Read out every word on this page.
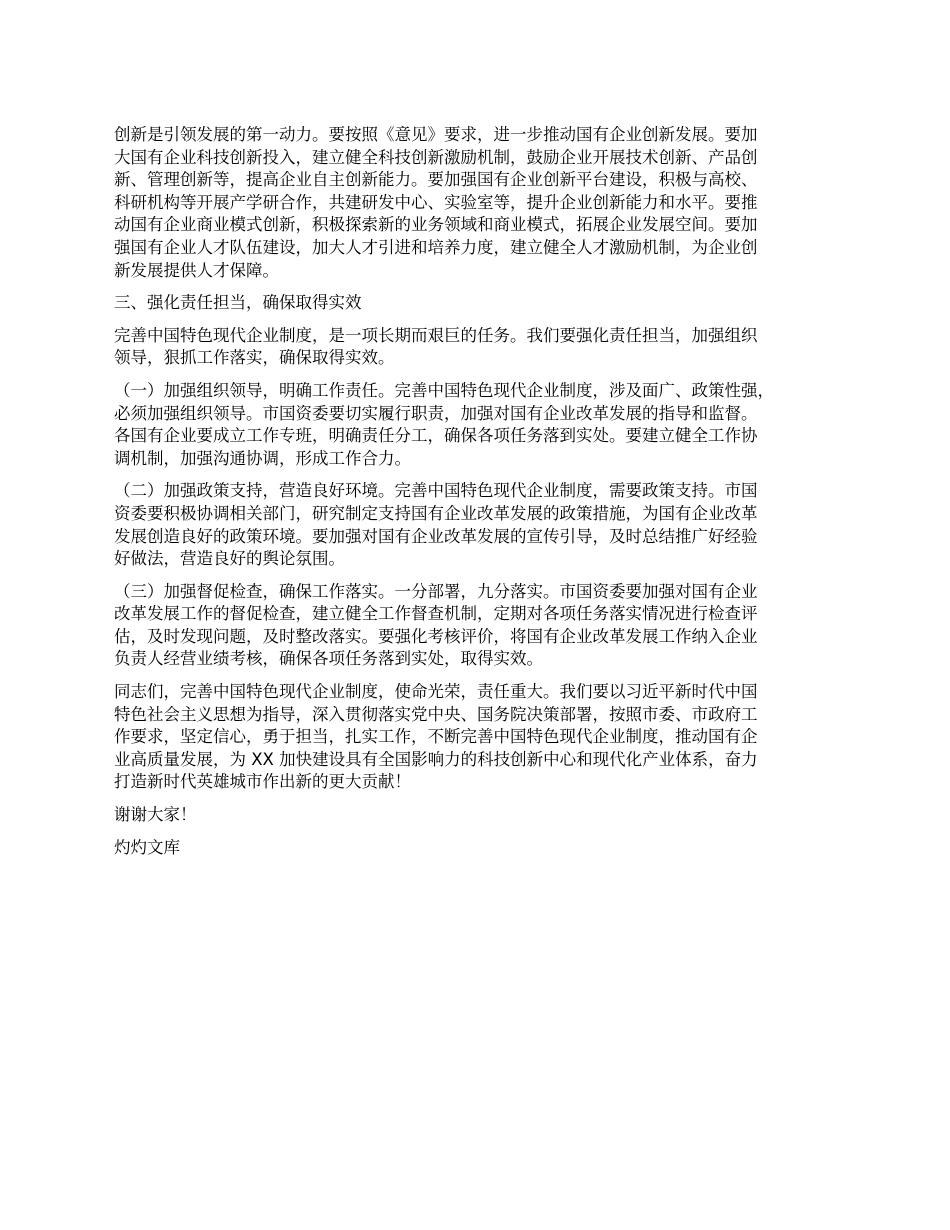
创新是引领发展的第一动力。要按照《意见》要求，进一步推动国有企业创新发展。要加
大国有企业科技创新投入，建立健全科技创新激励机制，鼓励企业开展技术创新、产品创
新、管理创新等，提高企业自主创新能力。要加强国有企业创新平台建设，积极与高校、
科研机构等开展产学研合作，共建研发中心、实验室等，提升企业创新能力和水平。要推
动国有企业商业模式创新，积极探索新的业务领域和商业模式，拓展企业发展空间。要加
强国有企业人才队伍建设，加大人才引进和培养力度，建立健全人才激励机制，为企业创
新发展提供人才保障。
三、强化责任担当，确保取得实效
完善中国特色现代企业制度，是一项长期而艰巨的任务。我们要强化责任担当，加强组织
领导，狠抓工作落实，确保取得实效。
（一）加强组织领导，明确工作责任。完善中国特色现代企业制度，涉及面广、政策性强，
必须加强组织领导。市国资委要切实履行职责，加强对国有企业改革发展的指导和监督。
各国有企业要成立工作专班，明确责任分工，确保各项任务落到实处。要建立健全工作协
调机制，加强沟通协调，形成工作合力。
（二）加强政策支持，营造良好环境。完善中国特色现代企业制度，需要政策支持。市国
资委要积极协调相关部门，研究制定支持国有企业改革发展的政策措施，为国有企业改革
发展创造良好的政策环境。要加强对国有企业改革发展的宣传引导，及时总结推广好经验
好做法，营造良好的舆论氛围。
（三）加强督促检查，确保工作落实。一分部署，九分落实。市国资委要加强对国有企业
改革发展工作的督促检查，建立健全工作督查机制，定期对各项任务落实情况进行检查评
估，及时发现问题，及时整改落实。要强化考核评价，将国有企业改革发展工作纳入企业
负责人经营业绩考核，确保各项任务落到实处，取得实效。
同志们，完善中国特色现代企业制度，使命光荣，责任重大。我们要以习近平新时代中国
特色社会主义思想为指导，深入贯彻落实党中央、国务院决策部署，按照市委、市政府工
作要求，坚定信心，勇于担当，扎实工作，不断完善中国特色现代企业制度，推动国有企
业高质量发展，为 XX 加快建设具有全国影响力的科技创新中心和现代化产业体系，奋力
打造新时代英雄城市作出新的更大贡献！
谢谢大家！
灼灼文库
